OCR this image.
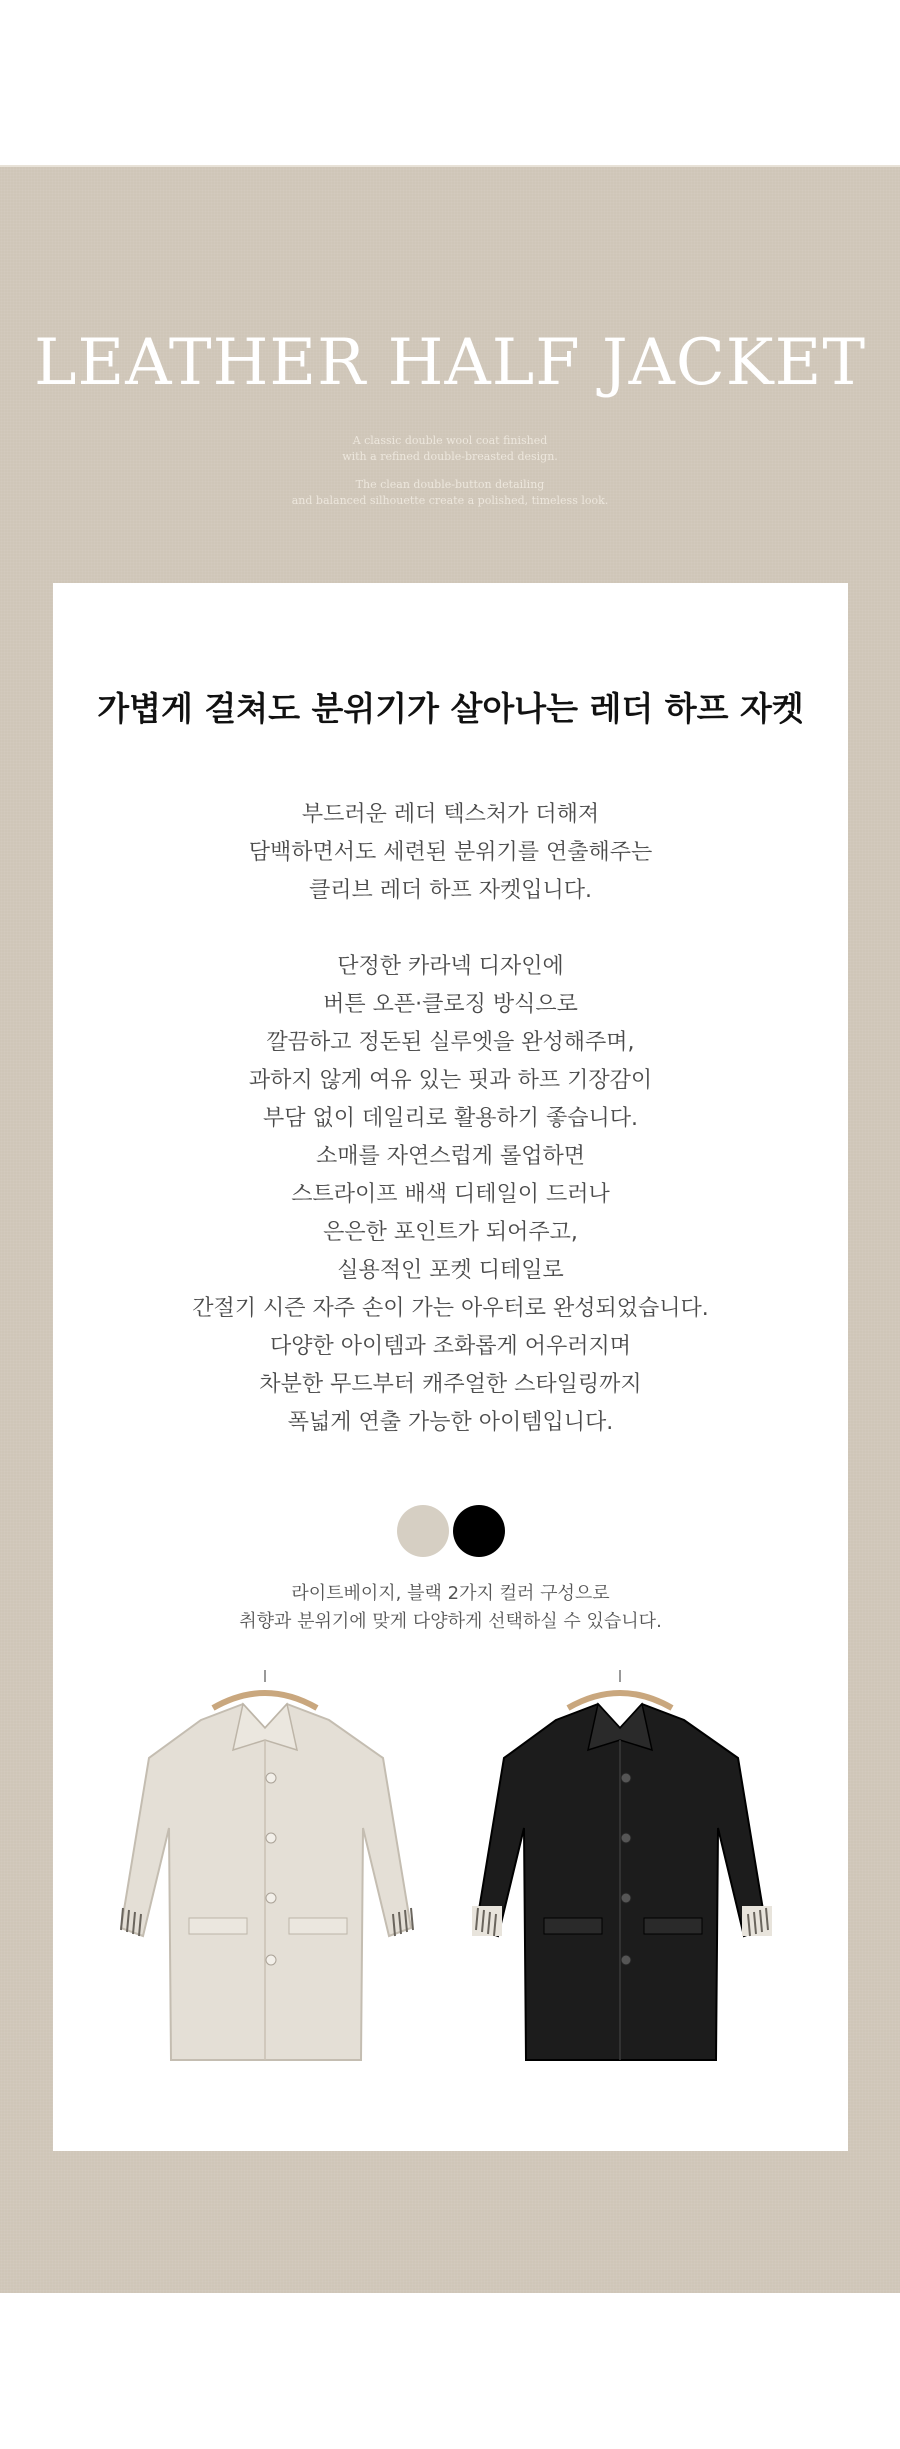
LEATHER HALF JACKET

A classic double wool coat finished
with a refined double-breasted design.

The clean double-button detailing
and balanced silhouette create a polished, timeless look.

가볍게 걸쳐도 분위기가 살아나는 레더 하프 자켓

부드러운 레더 텍스처가 더해져

담백하면서도 세련된 분위기를 연출해주는

클리브 레더 하프 자켓입니다.

단정한 카라넥 디자인에

버튼 오픈·클로징 방식으로

깔끔하고 정돈된 실루엣을 완성해주며,

과하지 않게 여유 있는 핏과 하프 기장감이

부담 없이 데일리로 활용하기 좋습니다.

소매를 자연스럽게 롤업하면

스트라이프 배색 디테일이 드러나

은은한 포인트가 되어주고,

실용적인 포켓 디테일로

간절기 시즌 자주 손이 가는 아우터로 완성되었습니다.

다양한 아이템과 조화롭게 어우러지며

차분한 무드부터 캐주얼한 스타일링까지

폭넓게 연출 가능한 아이템입니다.

라이트베이지, 블랙 2가지 컬러 구성으로

취향과 분위기에 맞게 다양하게 선택하실 수 있습니다.
